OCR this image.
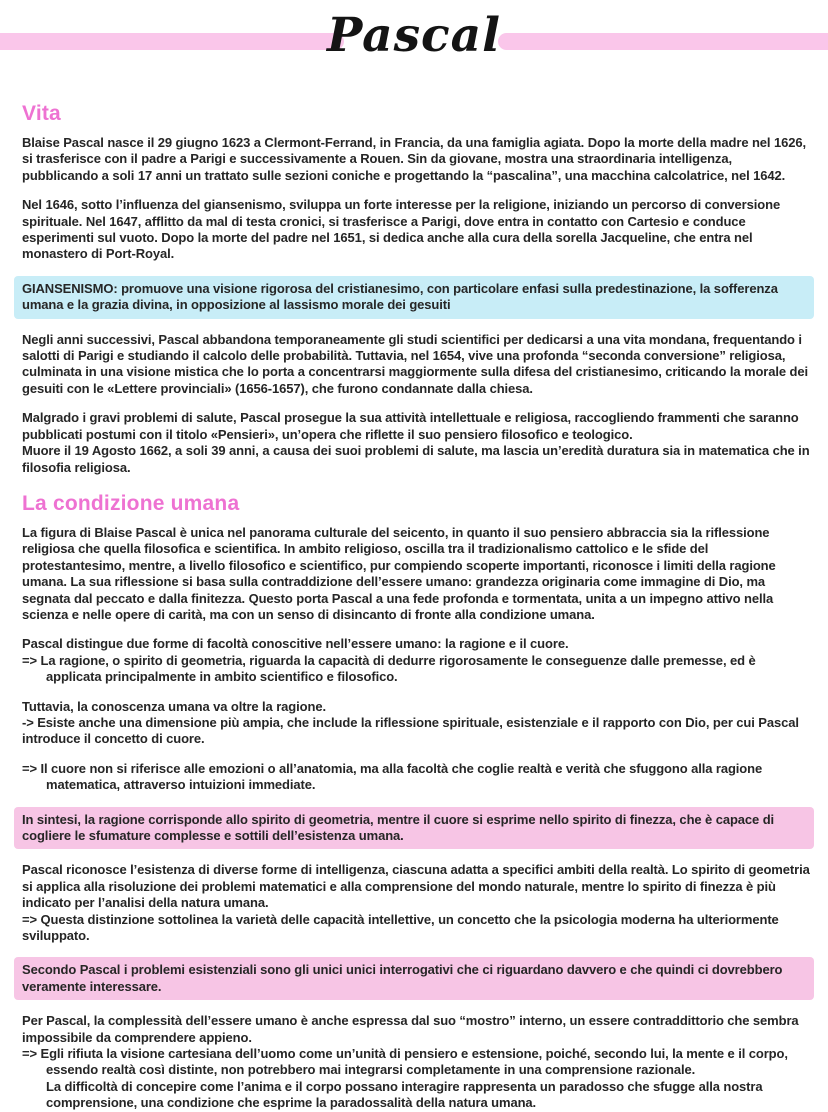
Pascal
Vita
Blaise Pascal nasce il 29 giugno 1623 a Clermont-Ferrand, in Francia, da una famiglia agiata. Dopo la morte della madre nel 1626, si trasferisce con il padre a Parigi e successivamente a Rouen. Sin da giovane, mostra una straordinaria intelligenza, pubblicando a soli 17 anni un trattato sulle sezioni coniche e progettando la “pascalina”, una macchina calcolatrice, nel 1642.
Nel 1646, sotto l’influenza del giansenismo, sviluppa un forte interesse per la religione, iniziando un percorso di conversione spirituale. Nel 1647, afflitto da mal di testa cronici, si trasferisce a Parigi, dove entra in contatto con Cartesio e conduce esperimenti sul vuoto. Dopo la morte del padre nel 1651, si dedica anche alla cura della sorella Jacqueline, che entra nel monastero di Port-Royal.
GIANSENISMO: promuove una visione rigorosa del cristianesimo, con particolare enfasi sulla predestinazione, la sofferenza umana e la grazia divina, in opposizione al lassismo morale dei gesuiti
Negli anni successivi, Pascal abbandona temporaneamente gli studi scientifici per dedicarsi a una vita mondana, frequentando i salotti di Parigi e studiando il calcolo delle probabilità. Tuttavia, nel 1654, vive una profonda “seconda conversione” religiosa, culminata in una visione mistica che lo porta a concentrarsi maggiormente sulla difesa del cristianesimo, criticando la morale dei gesuiti con le «Lettere provinciali» (1656-1657), che furono condannate dalla chiesa.
Malgrado i gravi problemi di salute, Pascal prosegue la sua attività intellettuale e religiosa, raccogliendo frammenti che saranno pubblicati postumi con il titolo «Pensieri», un’opera che riflette il suo pensiero filosofico e teologico.
Muore il 19 Agosto 1662, a soli 39 anni, a causa dei suoi problemi di salute, ma lascia un’eredità duratura sia in matematica che in filosofia religiosa.
La condizione umana
La figura di Blaise Pascal è unica nel panorama culturale del seicento, in quanto il suo pensiero abbraccia sia la riflessione religiosa che quella filosofica e scientifica. In ambito religioso, oscilla tra il tradizionalismo cattolico e le sfide del protestantesimo, mentre, a livello filosofico e scientifico, pur compiendo scoperte importanti, riconosce i limiti della ragione umana. La sua riflessione si basa sulla contraddizione dell’essere umano: grandezza originaria come immagine di Dio, ma segnata dal peccato e dalla finitezza. Questo porta Pascal a una fede profonda e tormentata, unita a un impegno attivo nella scienza e nelle opere di carità, ma con un senso di disincanto di fronte alla condizione umana.
Pascal distingue due forme di facoltà conoscitive nell’essere umano: la ragione e il cuore.
=> La ragione, o spirito di geometria, riguarda la capacità di dedurre rigorosamente le conseguenze dalle premesse, ed è applicata principalmente in ambito scientifico e filosofico.
Tuttavia, la conoscenza umana va oltre la ragione.
-> Esiste anche una dimensione più ampia, che include la riflessione spirituale, esistenziale e il rapporto con Dio, per cui Pascal introduce il concetto di cuore.
=> Il cuore non si riferisce alle emozioni o all’anatomia, ma alla facoltà che coglie realtà e verità che sfuggono alla ragione matematica, attraverso intuizioni immediate.
In sintesi, la ragione corrisponde allo spirito di geometria, mentre il cuore si esprime nello spirito di finezza, che è capace di cogliere le sfumature complesse e sottili dell’esistenza umana.
Pascal riconosce l’esistenza di diverse forme di intelligenza, ciascuna adatta a specifici ambiti della realtà. Lo spirito di geometria si applica alla risoluzione dei problemi matematici e alla comprensione del mondo naturale, mentre lo spirito di finezza è più indicato per l’analisi della natura umana.
=> Questa distinzione sottolinea la varietà delle capacità intellettive, un concetto che la psicologia moderna ha ulteriormente sviluppato.
Secondo Pascal i problemi esistenziali sono gli unici unici interrogativi che ci riguardano davvero e che quindi ci dovrebbero veramente interessare.
Per Pascal, la complessità dell’essere umano è anche espressa dal suo “mostro” interno, un essere contraddittorio che sembra impossibile da comprendere appieno.
=> Egli rifiuta la visione cartesiana dell’uomo come un’unità di pensiero e estensione, poiché, secondo lui, la mente e il corpo, essendo realtà così distinte, non potrebbero mai integrarsi completamente in una comprensione razionale.
La difficoltà di concepire come l’anima e il corpo possano interagire rappresenta un paradosso che sfugge alla nostra comprensione, una condizione che esprime la paradossalità della natura umana.
